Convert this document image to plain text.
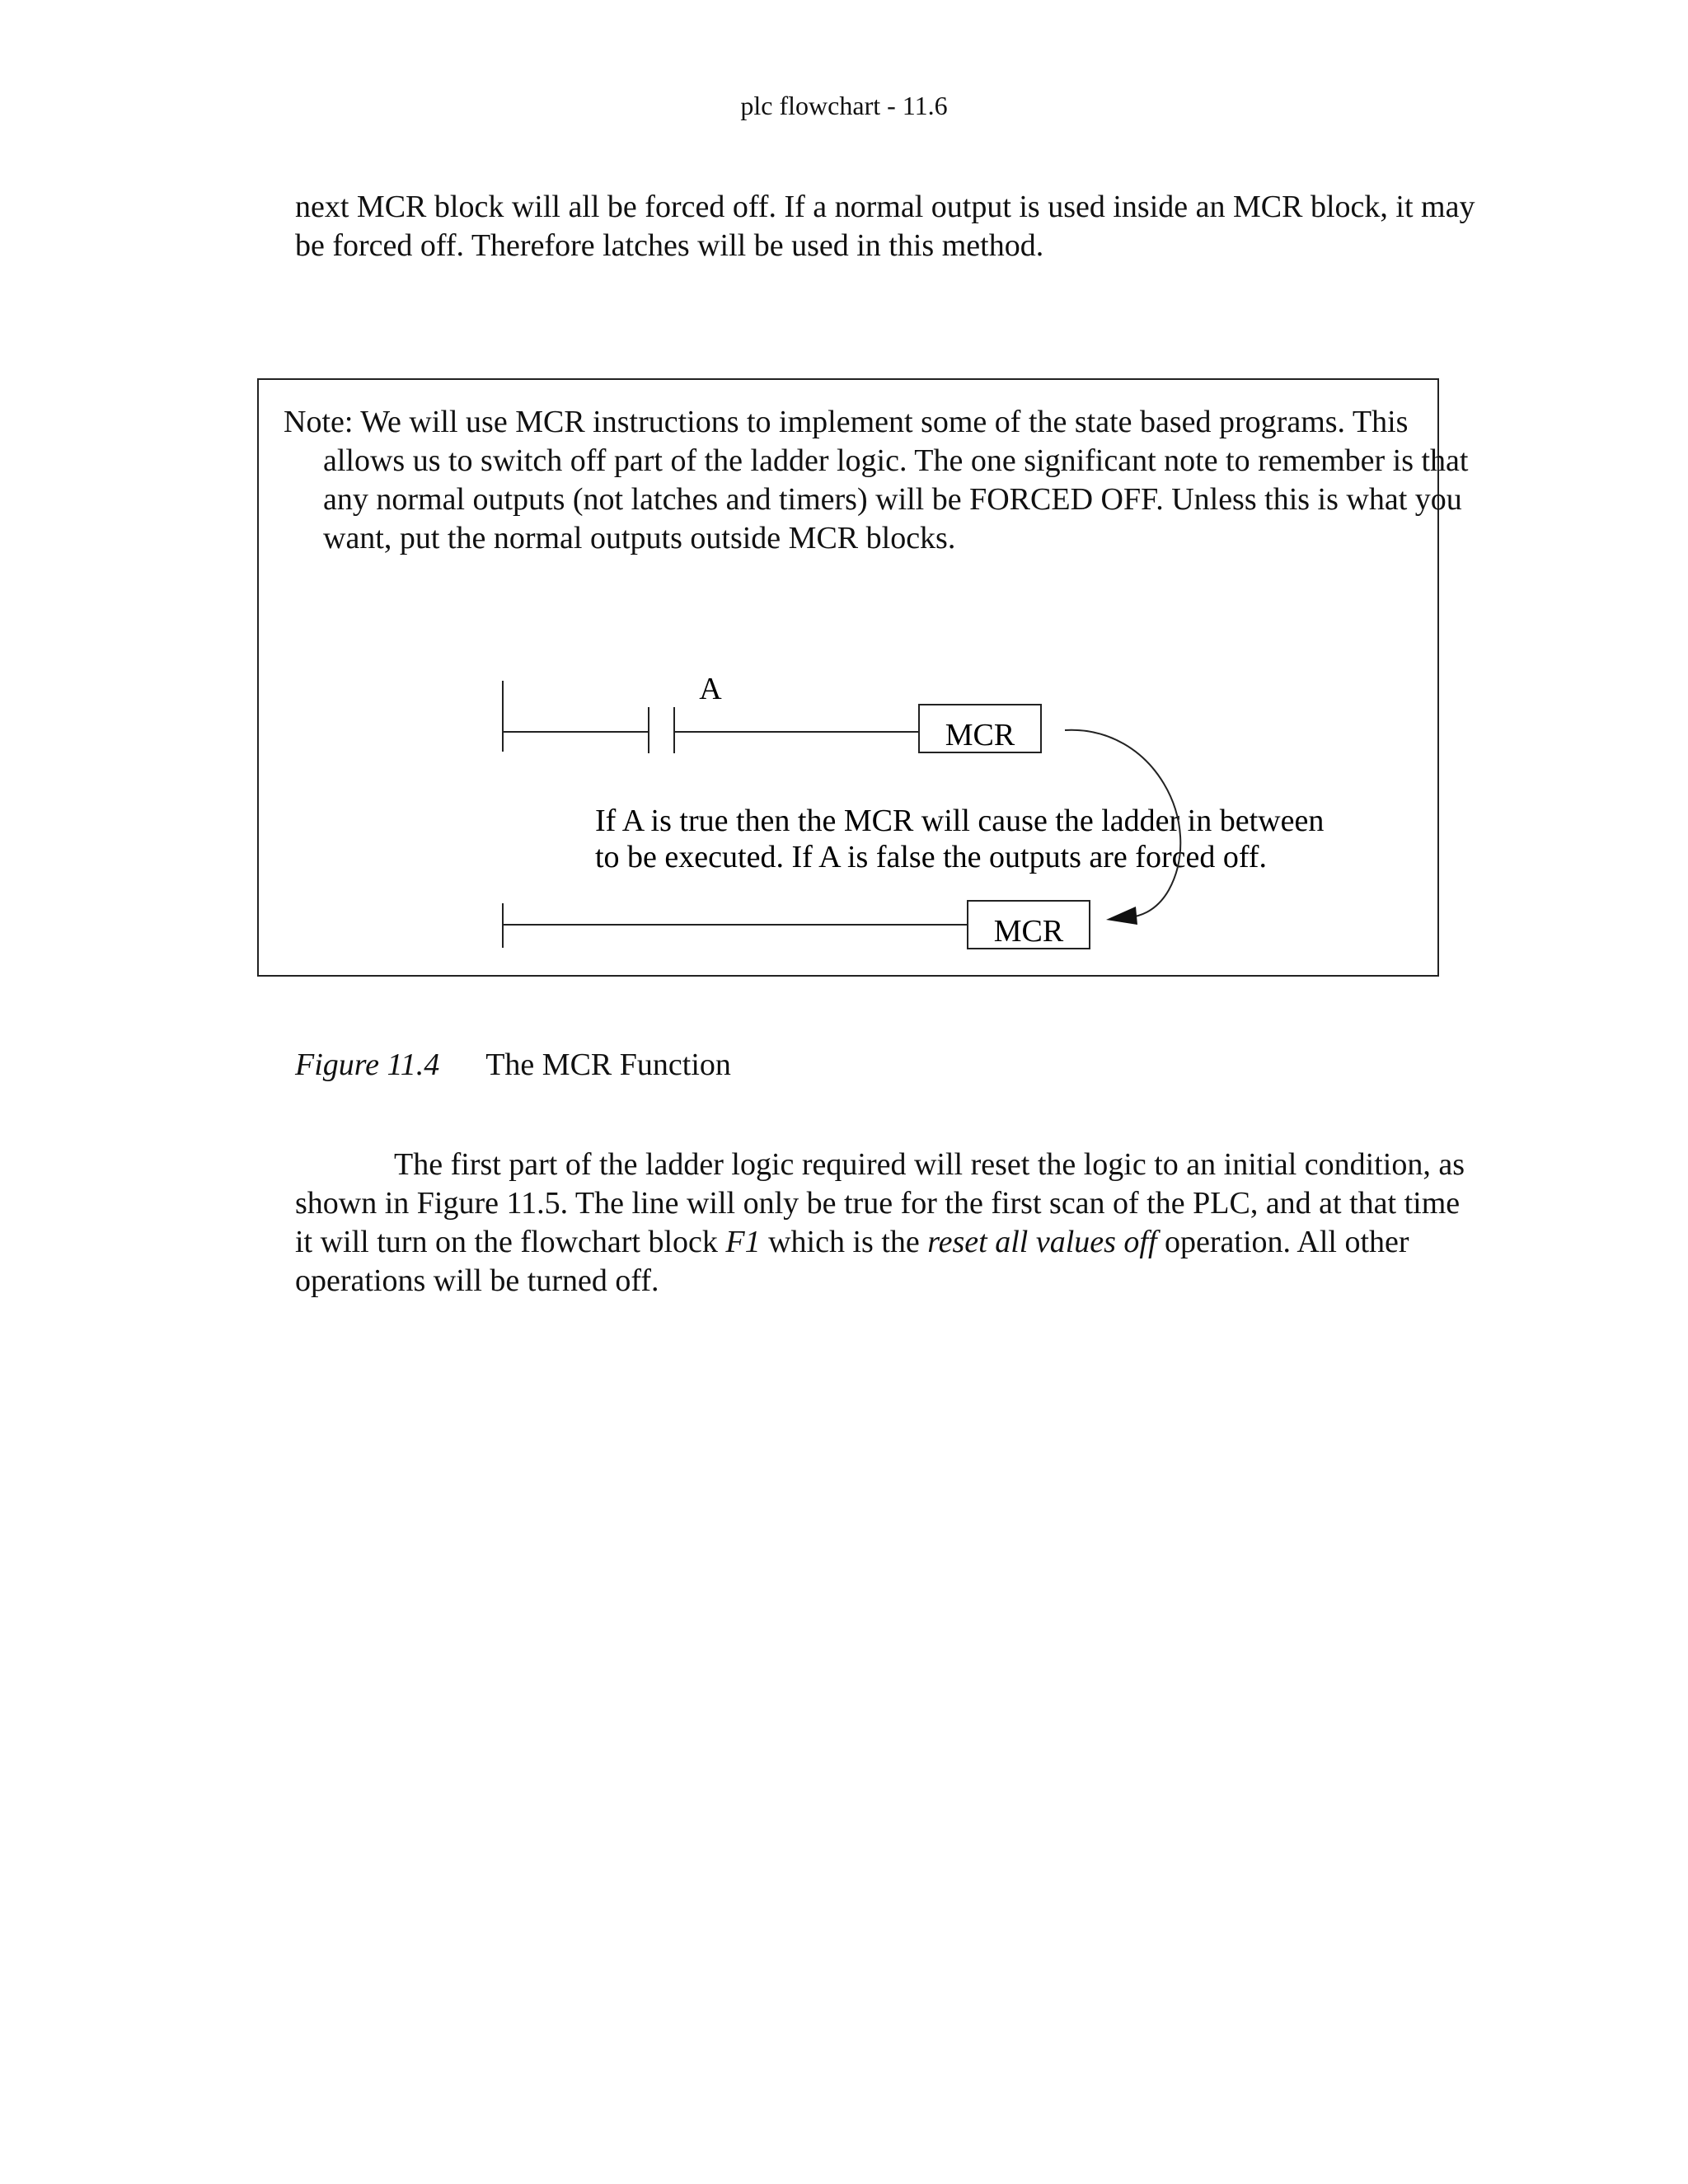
plc flowchart - 11.6

next MCR block will all be forced off. If a normal output is used inside an MCR block, it may be forced off. Therefore latches will be used in this method.

Note: We will use MCR instructions to implement some of the state based programs. This allows us to switch off part of the ladder logic. The one significant note to remember is that any normal outputs (not latches and timers) will be FORCED OFF. Unless this is what you want, put the normal outputs outside MCR blocks.

A
MCR
If A is true then the MCR will cause the ladder in between
to be executed. If A is false the outputs are forced off.
MCR
Figure 11.4 The MCR Function

The first part of the ladder logic required will reset the logic to an initial condition, as shown in Figure 11.5. The line will only be true for the first scan of the PLC, and at that time it will turn on the flowchart block F1 which is the reset all values off operation. All other operations will be turned off.
